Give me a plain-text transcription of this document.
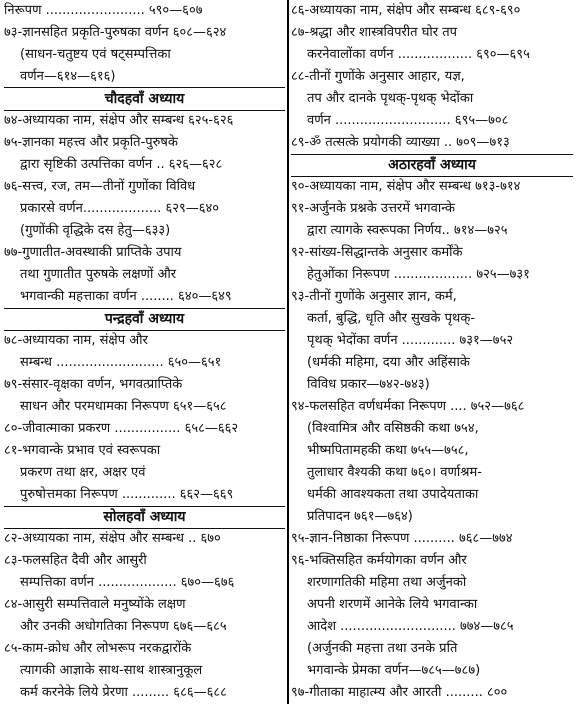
निरूपण ........................ ५९०—६०७
७३-ज्ञानसहित प्रकृति-पुरुषका वर्णन ६०८—६२४
(साधन-चतुष्टय एवं षट्सम्पत्तिका
वर्णन—६१४—६१६)
चौदहवाँ अध्याय
७४-अध्यायका नाम, संक्षेप और सम्बन्ध ६२५-६२६
७५-ज्ञानका महत्त्व और प्रकृति-पुरुषके
द्वारा सृष्टिकी उत्पत्तिका वर्णन .. ६२६—६२८
७६-सत्त्व, रज, तम—तीनों गुणोंका विविध
प्रकारसे वर्णन................... ६२९—६४०
(गुणोंकी वृद्धिके दस हेतु—६३३)
७७-गुणातीत-अवस्थाकी प्राप्तिके उपाय
तथा गुणातीत पुरुषके लक्षणों और
भगवान्की महत्ताका वर्णन ........ ६४०—६४९
पन्द्रहवाँ अध्याय
७८-अध्यायका नाम, संक्षेप और
सम्बन्ध .......................... ६५०—६५१
७९-संसार-वृक्षका वर्णन, भगवत्प्राप्तिके
साधन और परमधामका निरूपण ६५१—६५८
८०-जीवात्माका प्रकरण ................ ६५८—६६२
८१-भगवान्के प्रभाव एवं स्वरूपका
प्रकरण तथा क्षर, अक्षर एवं
पुरुषोत्तमका निरूपण ............. ६६२—६६९
सोलहवाँ अध्याय
८२-अध्यायका नाम, संक्षेप और सम्बन्ध .. ६७०
८३-फलसहित दैवी और आसुरी
सम्पत्तिका वर्णन ................... ६७०—६७६
८४-आसुरी सम्पत्तिवाले मनुष्योंके लक्षण
और उनकी अधोगतिका निरूपण ६७६—६८५
८५-काम-क्रोध और लोभरूप नरकद्वारोंके
त्यागकी आज्ञाके साथ-साथ शास्त्रानुकूल
कर्म करनेके लिये प्रेरणा ......... ६८६—६८८
८६-अध्यायका नाम, संक्षेप और सम्बन्ध ६८९-६९०
८७-श्रद्धा और शास्त्रविपरीत घोर तप
करनेवालोंका वर्णन .................. ६९०—६९५
८८-तीनों गुणोंके अनुसार आहार, यज्ञ,
तप और दानके पृथक्-पृथक् भेदोंका
वर्णन ............................ ६९५—७०८
८९-ॐ तत्सत्के प्रयोगकी व्याख्या .. ७०९—७१३
अठारहवाँ अध्याय
९०-अध्यायका नाम, संक्षेप और सम्बन्ध ७१३-७१४
९१-अर्जुनके प्रश्नके उत्तरमें भगवान्के
द्वारा त्यागके स्वरूपका निर्णय.. ७१४—७२५
९२-सांख्य-सिद्धान्तके अनुसार कर्मोंके
हेतुओंका निरूपण ................... ७२५—७३१
९३-तीनों गुणोंके अनुसार ज्ञान, कर्म,
कर्ता, बुद्धि, धृति और सुखके पृथक्-
पृथक् भेदोंका वर्णन ............. ७३१—७५२
(धर्मकी महिमा, दया और अहिंसाके
विविध प्रकार—७४२-७४३)
९४-फलसहित वर्णधर्मका निरूपण .... ७५२—७६८
(विश्वामित्र और वसिष्ठकी कथा ७५४,
भीष्मपितामहकी कथा ७५५—७५८,
तुलाधार वैश्यकी कथा ७६०। वर्णाश्रम-
धर्मकी आवश्यकता तथा उपादेयताका
प्रतिपादन ७६१—७६४)
९५-ज्ञान-निष्ठाका निरूपण .......... ७६८—७७४
९६-भक्तिसहित कर्मयोगका वर्णन और
शरणागतिकी महिमा तथा अर्जुनको
अपनी शरणमें आनेके लिये भगवान्का
आदेश ............................ ७७४—७८५
(अर्जुनकी महत्ता तथा उनके प्रति
भगवान्के प्रेमका वर्णन—७८५—७८७)
९७-गीताका माहात्म्य और आरती ......... ८००
